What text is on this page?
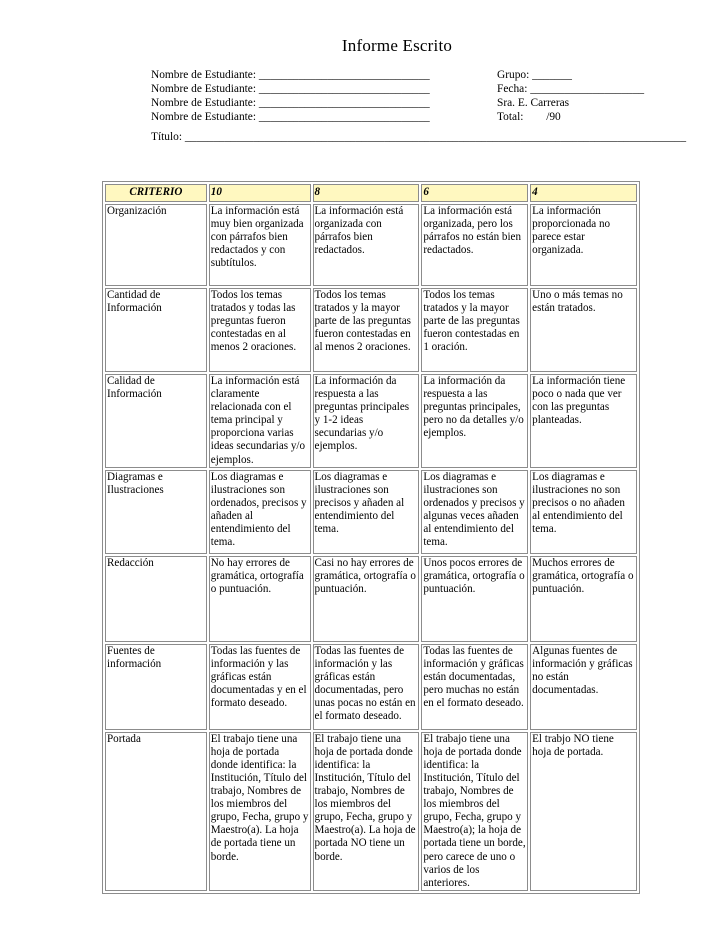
Informe Escrito
Nombre de Estudiante: ______________________________	Grupo: _______
Nombre de Estudiante: ______________________________	Fecha: ____________________
Nombre de Estudiante: ______________________________	Sra. E. Carreras
Nombre de Estudiante: ______________________________	Total:        /90
Título: ________________________________________________________________________________________
CRITERIO	10	8	6	4
Organización	La información está muy bien organizada con párrafos bien redactados y con subtítulos.	La información está organizada con párrafos bien redactados.	La información está organizada, pero los párrafos no están bien redactados.	La información proporcionada no parece estar organizada.
Cantidad de Información	Todos los temas tratados y todas las preguntas fueron contestadas en al menos 2 oraciones.	Todos los temas tratados y la mayor parte de las preguntas fueron contestadas en al menos 2 oraciones.	Todos los temas tratados y la mayor parte de las preguntas fueron contestadas en 1 oración.	Uno o más temas no están tratados.
Calidad de Información	La información está claramente relacionada con el tema principal y proporciona varias ideas secundarias y/o ejemplos.	La información da respuesta a las preguntas principales y 1-2 ideas secundarias y/o ejemplos.	La información da respuesta a las preguntas principales, pero no da detalles y/o ejemplos.	La información tiene poco o nada que ver con las preguntas planteadas.
Diagramas e Ilustraciones	Los diagramas e ilustraciones son ordenados, precisos y añaden al entendimiento del tema.	Los diagramas e ilustraciones son precisos y añaden al entendimiento del tema.	Los diagramas e ilustraciones son ordenados y precisos y algunas veces añaden al entendimiento del tema.	Los diagramas e ilustraciones no son precisos o no añaden al entendimiento del tema.
Redacción	No hay errores de gramática, ortografía o puntuación.	Casi no hay errores de gramática, ortografía o puntuación.	Unos pocos errores de gramática, ortografía o puntuación.	Muchos errores de gramática, ortografía o puntuación.
Fuentes de información	Todas las fuentes de información y las gráficas están documentadas y en el formato deseado.	Todas las fuentes de información y las gráficas están documentadas, pero unas pocas no están en el formato deseado.	Todas las fuentes de información y gráficas están documentadas, pero muchas no están en el formato deseado.	Algunas fuentes de información y gráficas no están documentadas.
Portada	El trabajo tiene una hoja de portada donde identifica: la Institución, Título del trabajo, Nombres de los miembros del grupo, Fecha, grupo y Maestro(a). La hoja de portada tiene un borde.	El trabajo tiene una hoja de portada donde identifica: la Institución, Título del trabajo, Nombres de los miembros del grupo, Fecha, grupo y Maestro(a). La hoja de portada NO tiene un borde.	El trabajo tiene una hoja de portada donde identifica: la Institución, Título del trabajo, Nombres de los miembros del grupo, Fecha, grupo y Maestro(a); la hoja de portada tiene un borde, pero carece de uno o varios de los anteriores.	El trabjo NO tiene hoja de portada.
